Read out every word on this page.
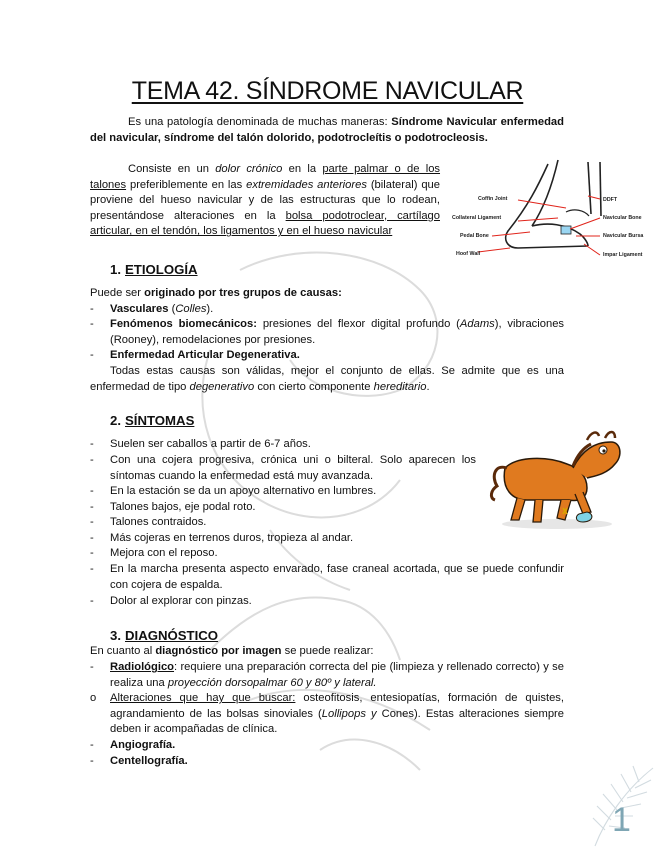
TEMA 42. SÍNDROME NAVICULAR
Es una patología denominada de muchas maneras: Síndrome Navicular enfermedad del navicular, síndrome del talón dolorido, podotrocleítis o podotrocleosis.
Consiste en un dolor crónico en la parte palmar o de los talones preferiblemente en las extremidades anteriores (bilateral) que proviene del hueso navicular y de las estructuras que lo rodean, presentándose alteraciones en la bolsa podotroclear, cartílago articular, en el tendón, los ligamentos y en el hueso navicular
Coffin Joint
Collateral Ligament
Pedal Bone
Hoof Wall
DDFT
Navicular Bone
Navicular Bursa
Impar Ligament
1. ETIOLOGÍA
Puede ser originado por tres grupos de causas:
-	Vasculares (Colles).
-	Fenómenos biomecánicos: presiones del flexor digital profundo (Adams), vibraciones (Rooney), remodelaciones por presiones.
-	Enfermedad Articular Degenerativa.
Todas estas causas son válidas, mejor el conjunto de ellas. Se admite que es una enfermedad de tipo degenerativo con cierto componente hereditario.
2. SÍNTOMAS
-	Suelen ser caballos a partir de 6-7 años.
-	Con una cojera progresiva, crónica uni o bilteral. Solo aparecen los síntomas cuando la enfermedad está muy avanzada.
-	En la estación se da un apoyo alternativo en lumbres.
-	Talones bajos, eje podal roto.
-	Talones contraidos.
-	Más cojeras en terrenos duros, tropieza al andar.
-	Mejora con el reposo.
-	En la marcha presenta aspecto envarado, fase craneal acortada, que se puede confundir con cojera de espalda.
-	Dolor al explorar con pinzas.
3. DIAGNÓSTICO
En cuanto al diagnóstico por imagen se puede realizar:
-	Radiológico: requiere una preparación correcta del pie (limpieza y rellenado correcto) y se realiza una proyección dorsopalmar 60 y 80º y lateral.
o	Alteraciones que hay que buscar: osteofitosis, entesiopatías, formación de quistes, agrandamiento de las bolsas sinoviales (Lollipops y Cones). Estas alteraciones siempre deben ir acompañadas de clínica.
-	Angiografía.
-	Centellografía.
1
